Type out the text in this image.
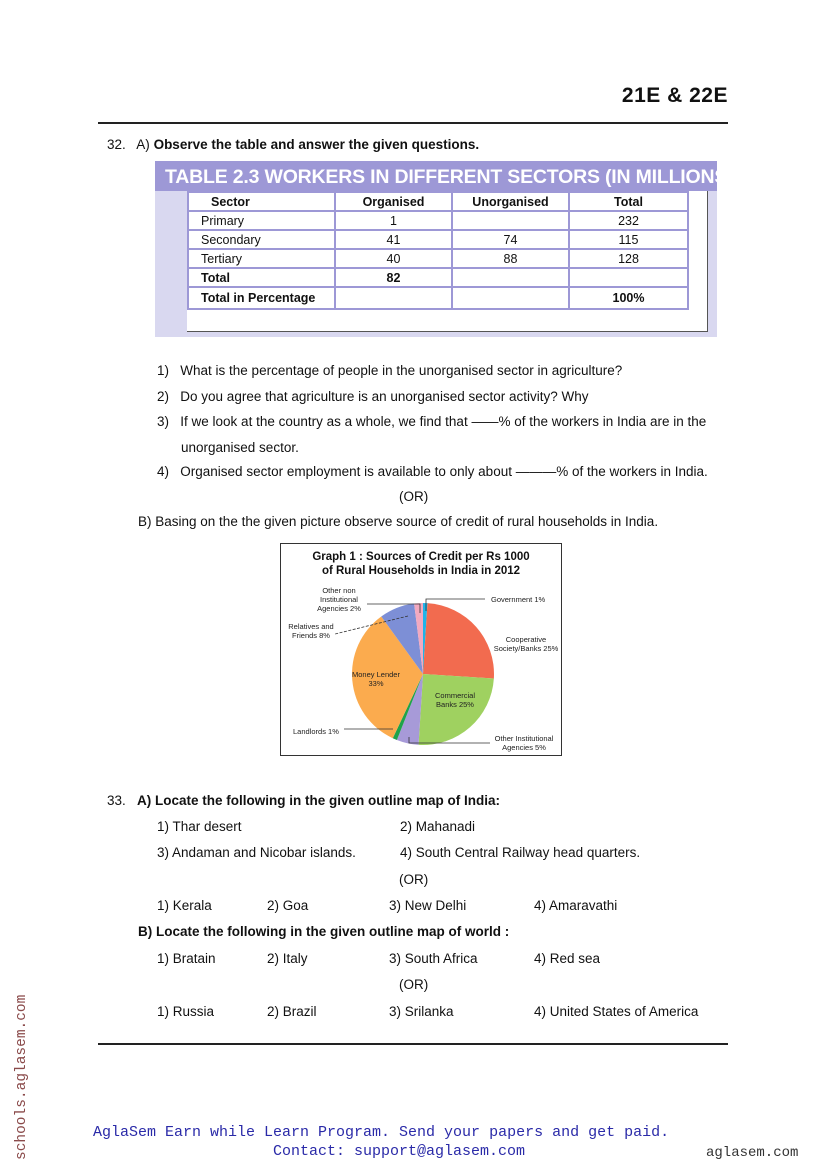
21E & 22E
32. A) Observe the table and answer the given questions.
TABLE 2.3 WORKERS IN DIFFERENT SECTORS (IN MILLIONS)
Sector	Organised	Unorganised	Total
Primary	1		232
Secondary	41	74	115
Tertiary	40	88	128
Total	82		
Total in Percentage			100%
1) What is the percentage of people in the unorganised sector in agriculture?
2) Do you agree that agriculture is an unorganised sector activity? Why
3) If we look at the country as a whole, we find that ——% of the workers in India are in the
unorganised sector.
4) Organised sector employment is available to only about ———% of the workers in India.
(OR)
B) Basing on the the given picture observe source of credit of rural households in India.
Graph 1 : Sources of Credit per Rs 1000
of Rural Households in India in 2012
Government 1%
Cooperative
Society/Banks 25%
Commercial
Banks 25%
Other Institutional
Agencies 5%
Landlords 1%
Money Lender
33%
Relatives and
Friends 8%
Other non
Institutional
Agencies 2%
33. A) Locate the following in the given outline map of India:
1) Thar desert	2) Mahanadi
3) Andaman and Nicobar islands.	4) South Central Railway head quarters.
(OR)
1) Kerala	2) Goa	3) New Delhi	4) Amaravathi
B) Locate the following in the given outline map of world :
1) Bratain	2) Italy	3) South Africa	4) Red sea
(OR)
1) Russia	2) Brazil	3) Srilanka	4) United States of America
AglaSem Earn while Learn Program. Send your papers and get paid.
Contact: support@aglasem.com	aglasem.com
schools.aglasem.com
